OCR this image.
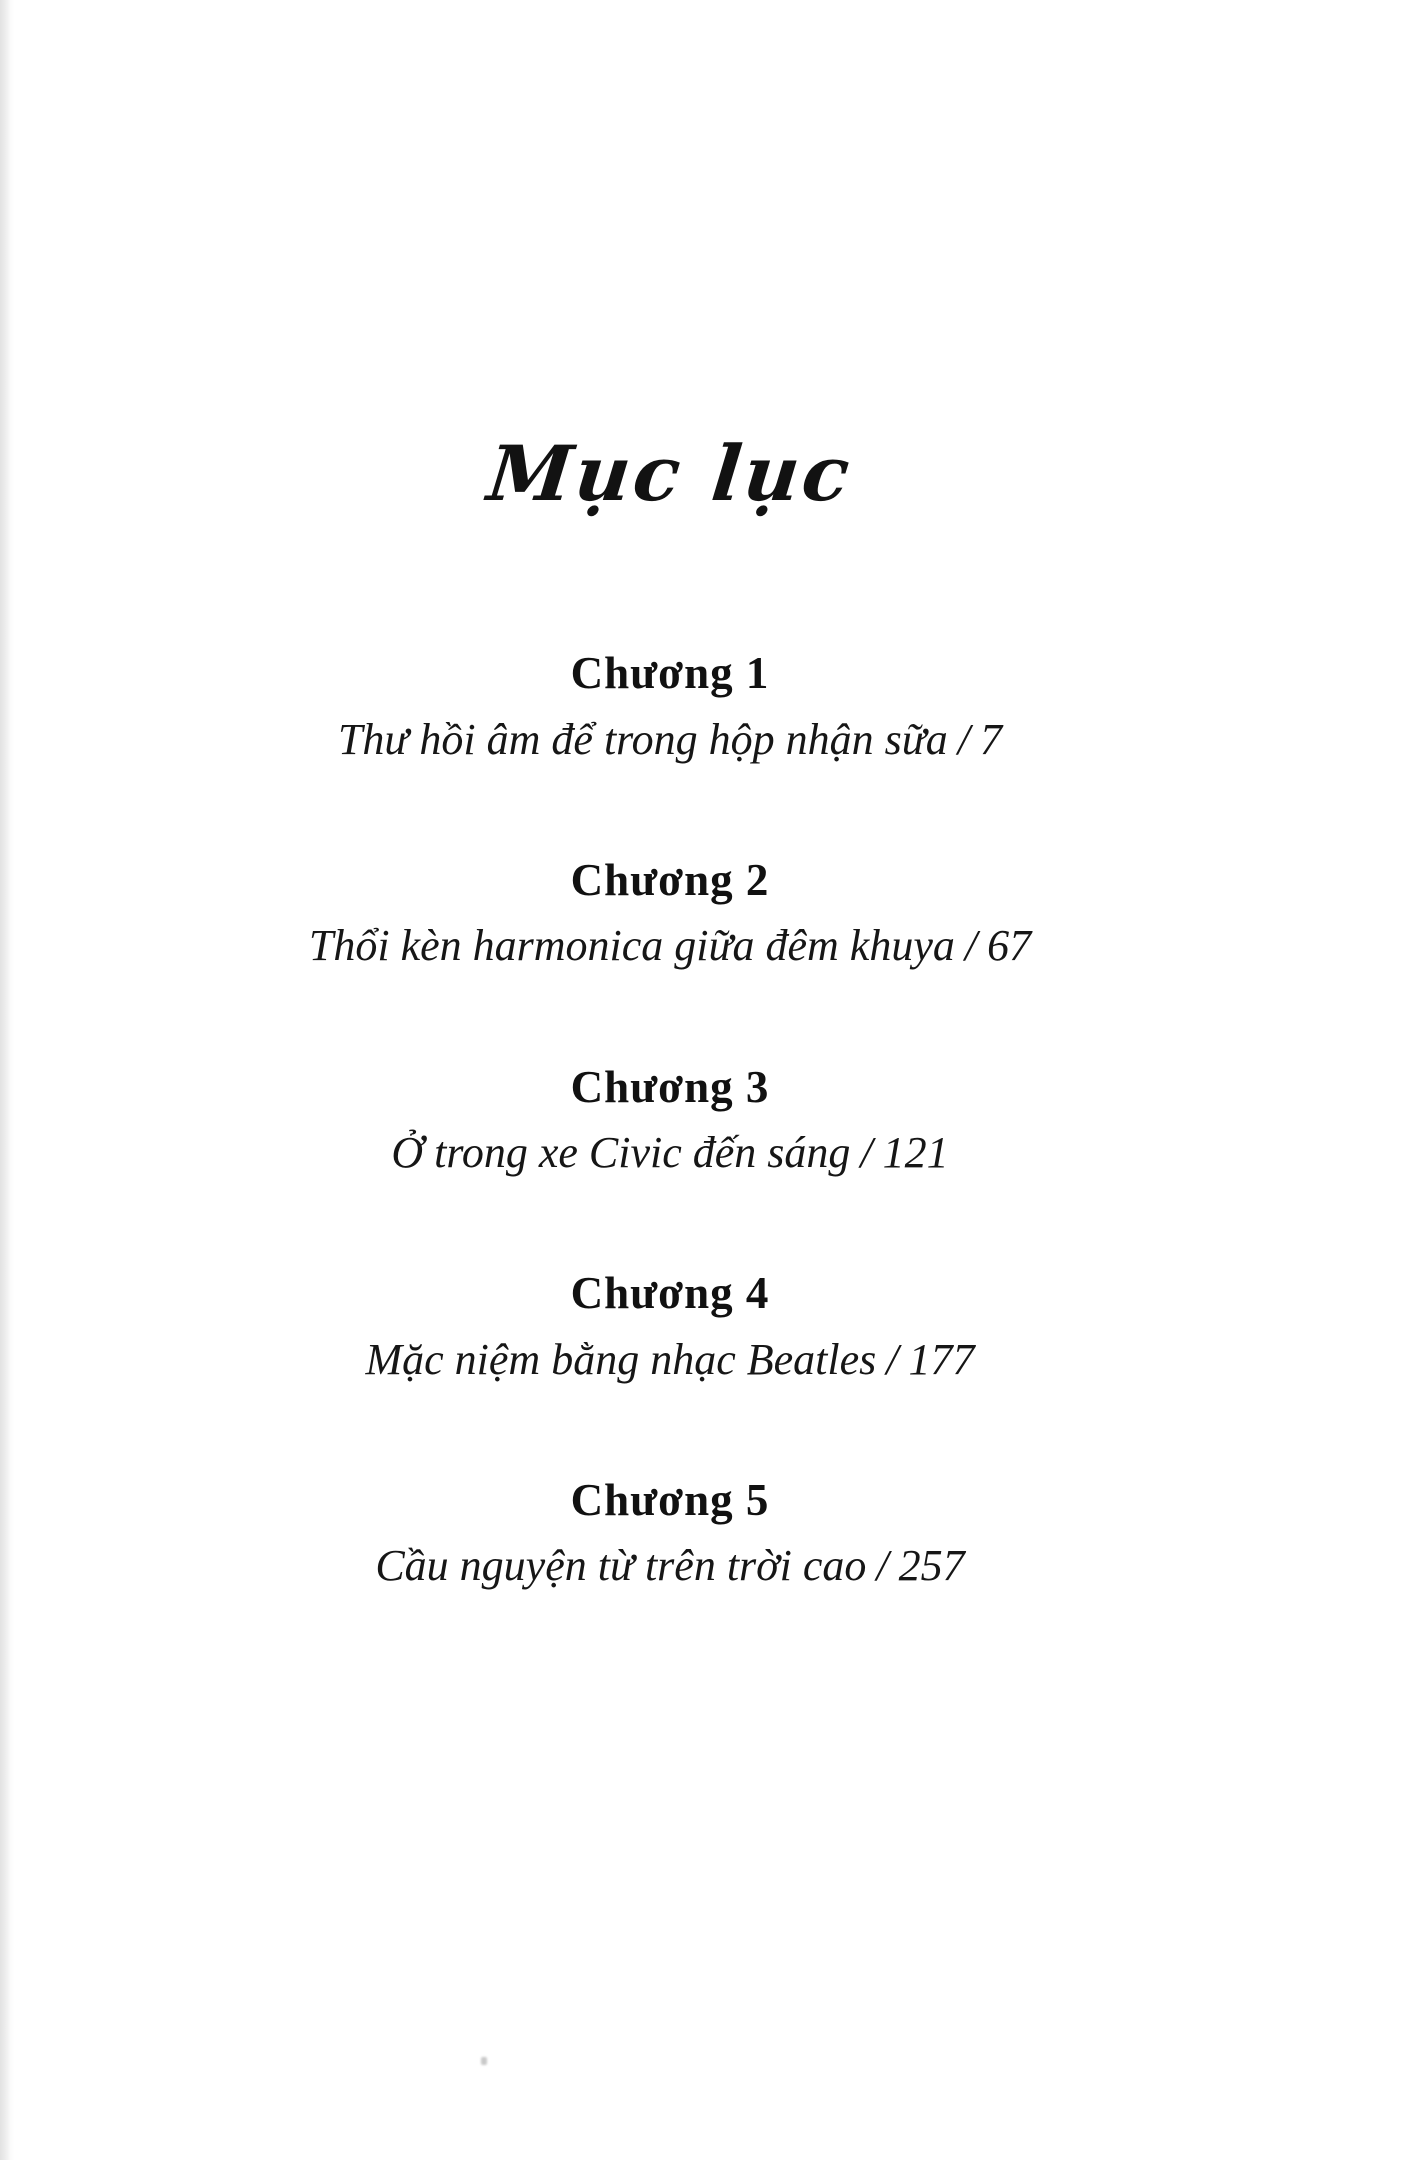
Mục lục
Chương 1
Thư hồi âm để trong hộp nhận sữa / 7
Chương 2
Thổi kèn harmonica giữa đêm khuya / 67
Chương 3
Ở trong xe Civic đến sáng / 121
Chương 4
Mặc niệm bằng nhạc Beatles / 177
Chương 5
Cầu nguyện từ trên trời cao / 257
